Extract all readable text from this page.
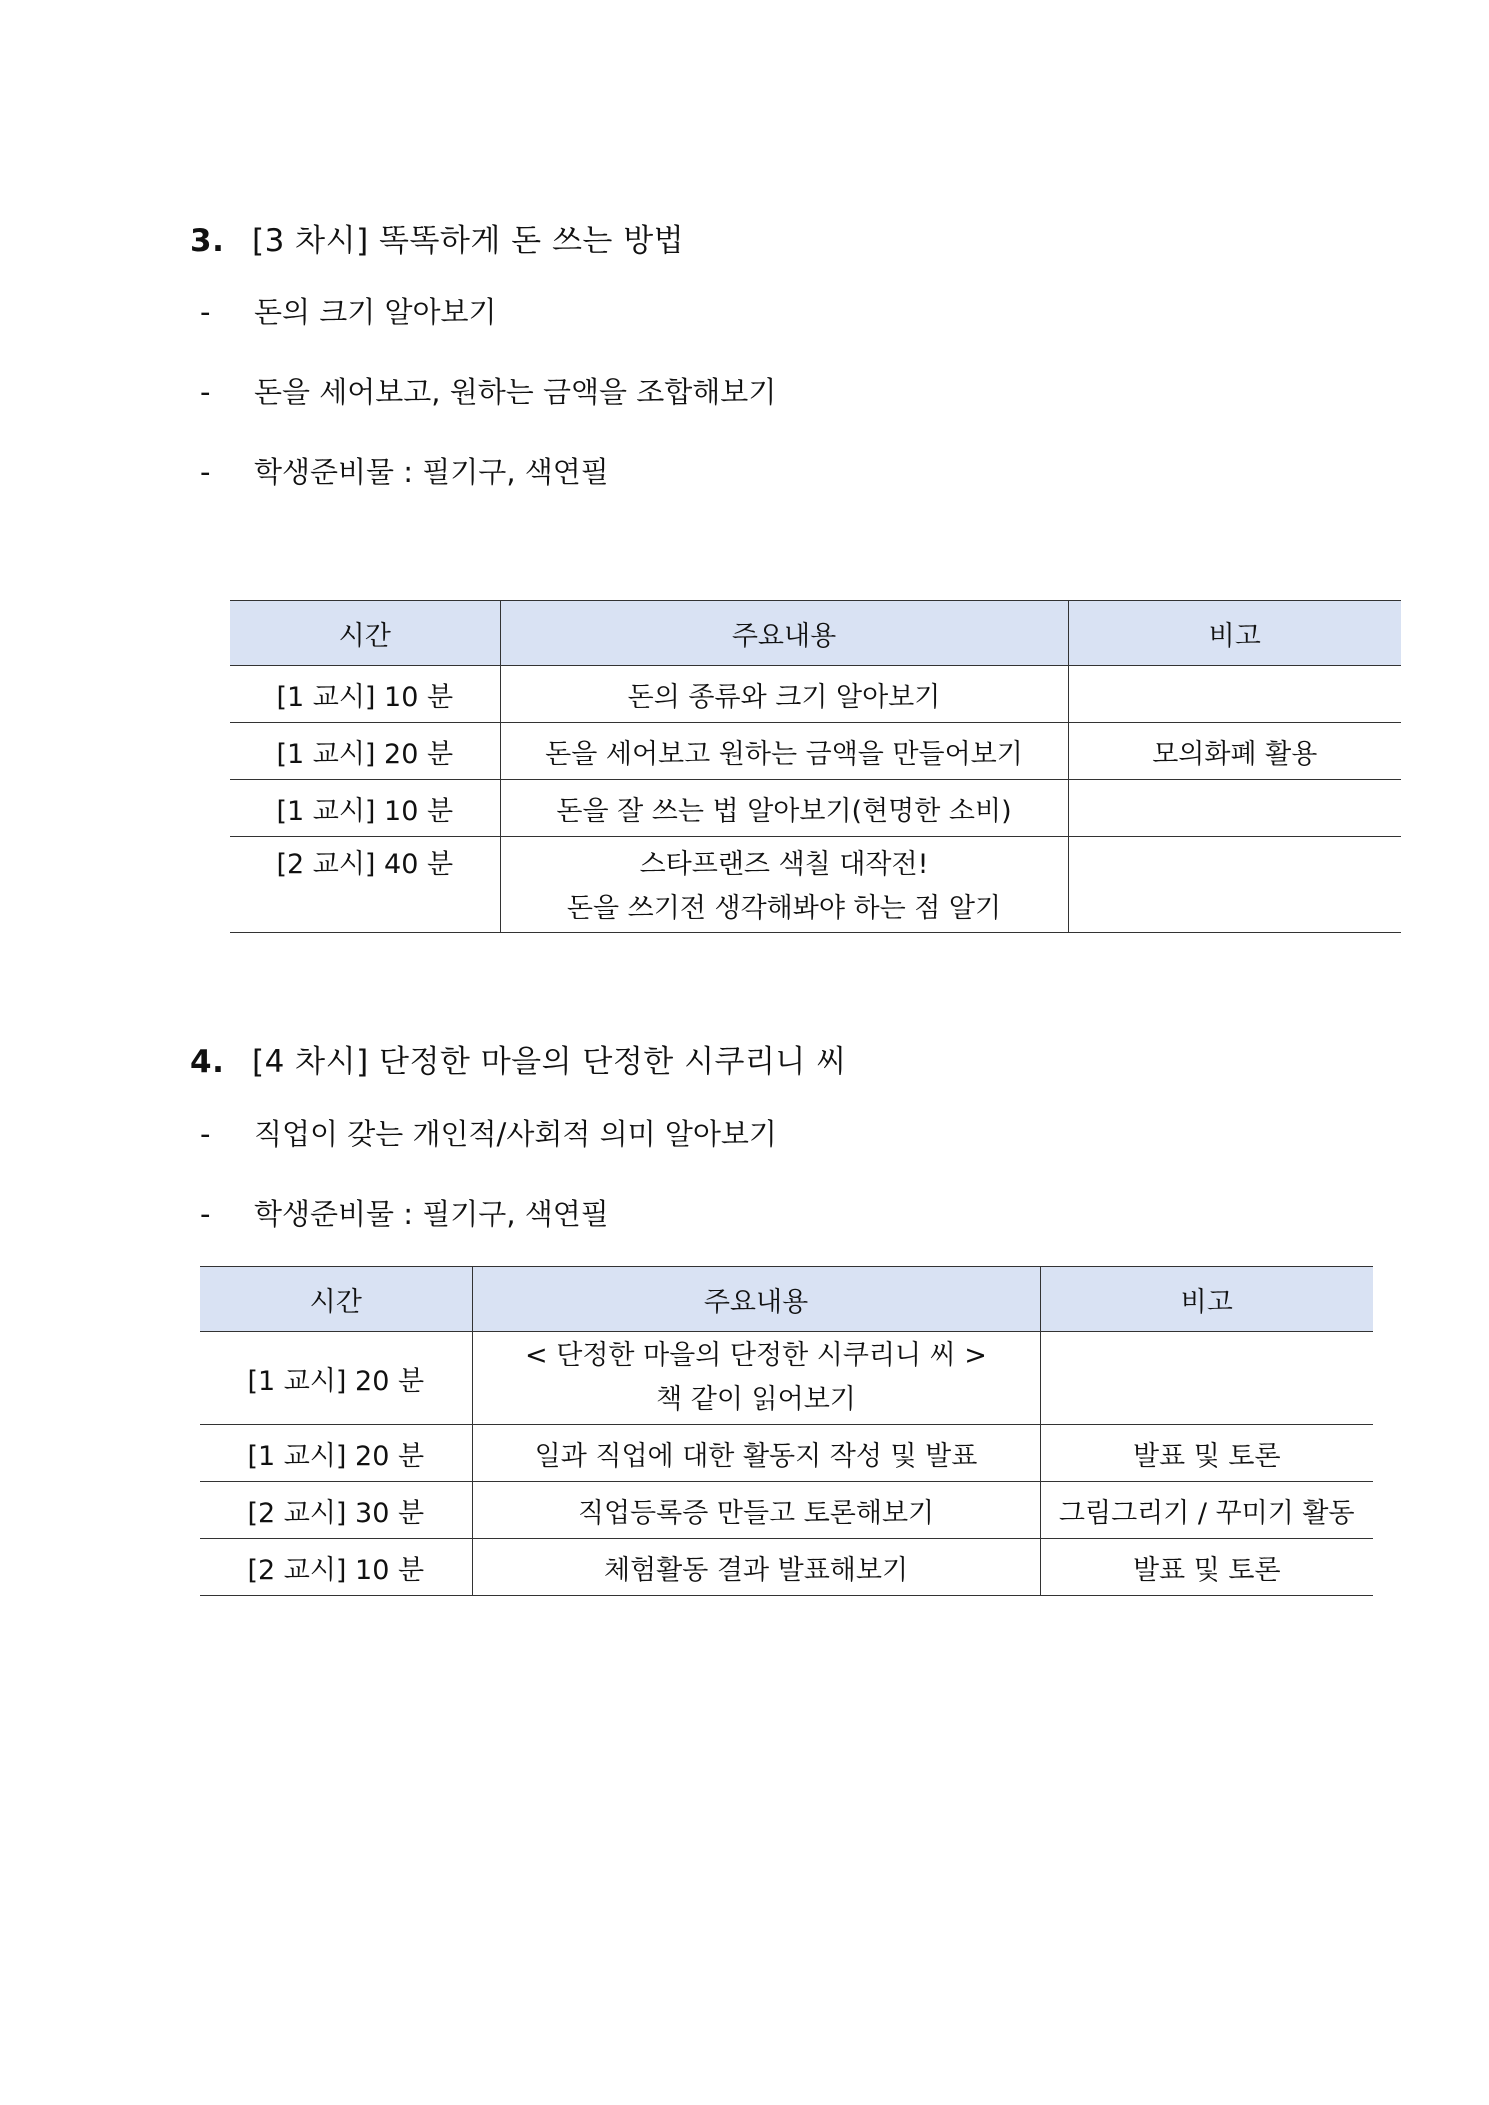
3. [3 차시] 똑똑하게 돈 쓰는 방법
-	돈의 크기 알아보기
-	돈을 세어보고, 원하는 금액을 조합해보기
-	학생준비물 : 필기구, 색연필
시간	주요내용	비고
[1 교시] 10 분	돈의 종류와 크기 알아보기	
[1 교시] 20 분	돈을 세어보고 원하는 금액을 만들어보기	모의화폐 활용
[1 교시] 10 분	돈을 잘 쓰는 법 알아보기(현명한 소비)	

[2 교시] 40 분	스타프랜즈 색칠 대작전!
돈을 쓰기전 생각해봐야 하는 점 알기	

4. [4 차시] 단정한 마을의 단정한 시쿠리니 씨
-	직업이 갖는 개인적/사회적 의미 알아보기
-	학생준비물 : 필기구, 색연필
시간	주요내용	비고
[1 교시] 20 분	< 단정한 마을의 단정한 시쿠리니 씨 >
책 같이 읽어보기	

[1 교시] 20 분	일과 직업에 대한 활동지 작성 및 발표	발표 및 토론
[2 교시] 30 분	직업등록증 만들고 토론해보기	그림그리기 / 꾸미기 활동
[2 교시] 10 분	체험활동 결과 발표해보기	발표 및 토론
